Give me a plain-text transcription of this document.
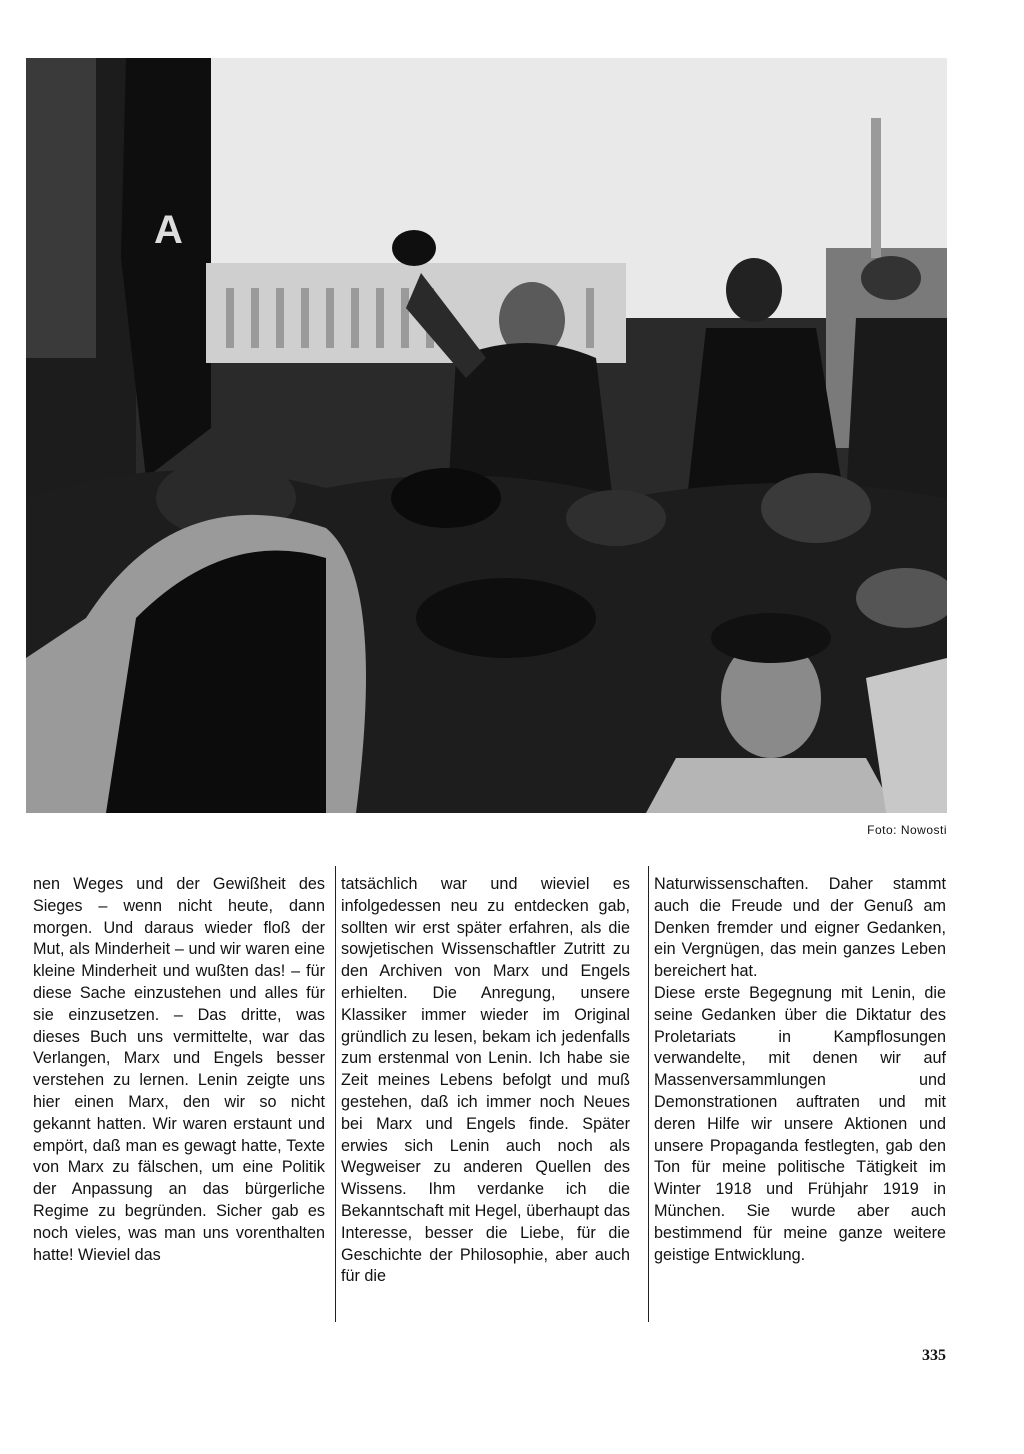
A
Foto: Nowosti

nen Weges und der Gewißheit des Sieges – wenn nicht heute, dann morgen. Und daraus wieder floß der Mut, als Minderheit – und wir waren eine kleine Minderheit und wußten das! – für diese Sache einzustehen und alles für sie einzusetzen. – Das dritte, was dieses Buch uns vermittelte, war das Verlangen, Marx und Engels besser verstehen zu lernen. Lenin zeigte uns hier einen Marx, den wir so nicht gekannt hatten. Wir waren erstaunt und empört, daß man es gewagt hatte, Texte von Marx zu fälschen, um eine Politik der Anpassung an das bürgerliche Regime zu begründen. Sicher gab es noch vieles, was man uns vorenthalten hatte! Wieviel das

tatsächlich war und wieviel es infolgedessen neu zu entdecken gab, sollten wir erst später erfahren, als die sowjetischen Wissenschaftler Zutritt zu den Archiven von Marx und Engels erhielten. Die Anregung, unsere Klassiker immer wieder im Original gründlich zu lesen, bekam ich jedenfalls zum erstenmal von Lenin. Ich habe sie Zeit meines Lebens befolgt und muß gestehen, daß ich immer noch Neues bei Marx und Engels finde. Später erwies sich Lenin auch noch als Wegweiser zu anderen Quellen des Wissens. Ihm verdanke ich die Bekanntschaft mit Hegel, überhaupt das Interesse, besser die Liebe, für die Geschichte der Philosophie, aber auch für die

Naturwissenschaften. Daher stammt auch die Freude und der Genuß am Denken fremder und eigner Gedanken, ein Vergnügen, das mein ganzes Leben bereichert hat.

Diese erste Begegnung mit Lenin, die seine Gedanken über die Diktatur des Proletariats in Kampflosungen verwandelte, mit denen wir auf Massenversammlungen und Demonstrationen auftraten und mit deren Hilfe wir unsere Aktionen und unsere Propaganda festlegten, gab den Ton für meine politische Tätigkeit im Winter 1918 und Frühjahr 1919 in München. Sie wurde aber auch bestimmend für meine ganze weitere geistige Entwicklung.

335
